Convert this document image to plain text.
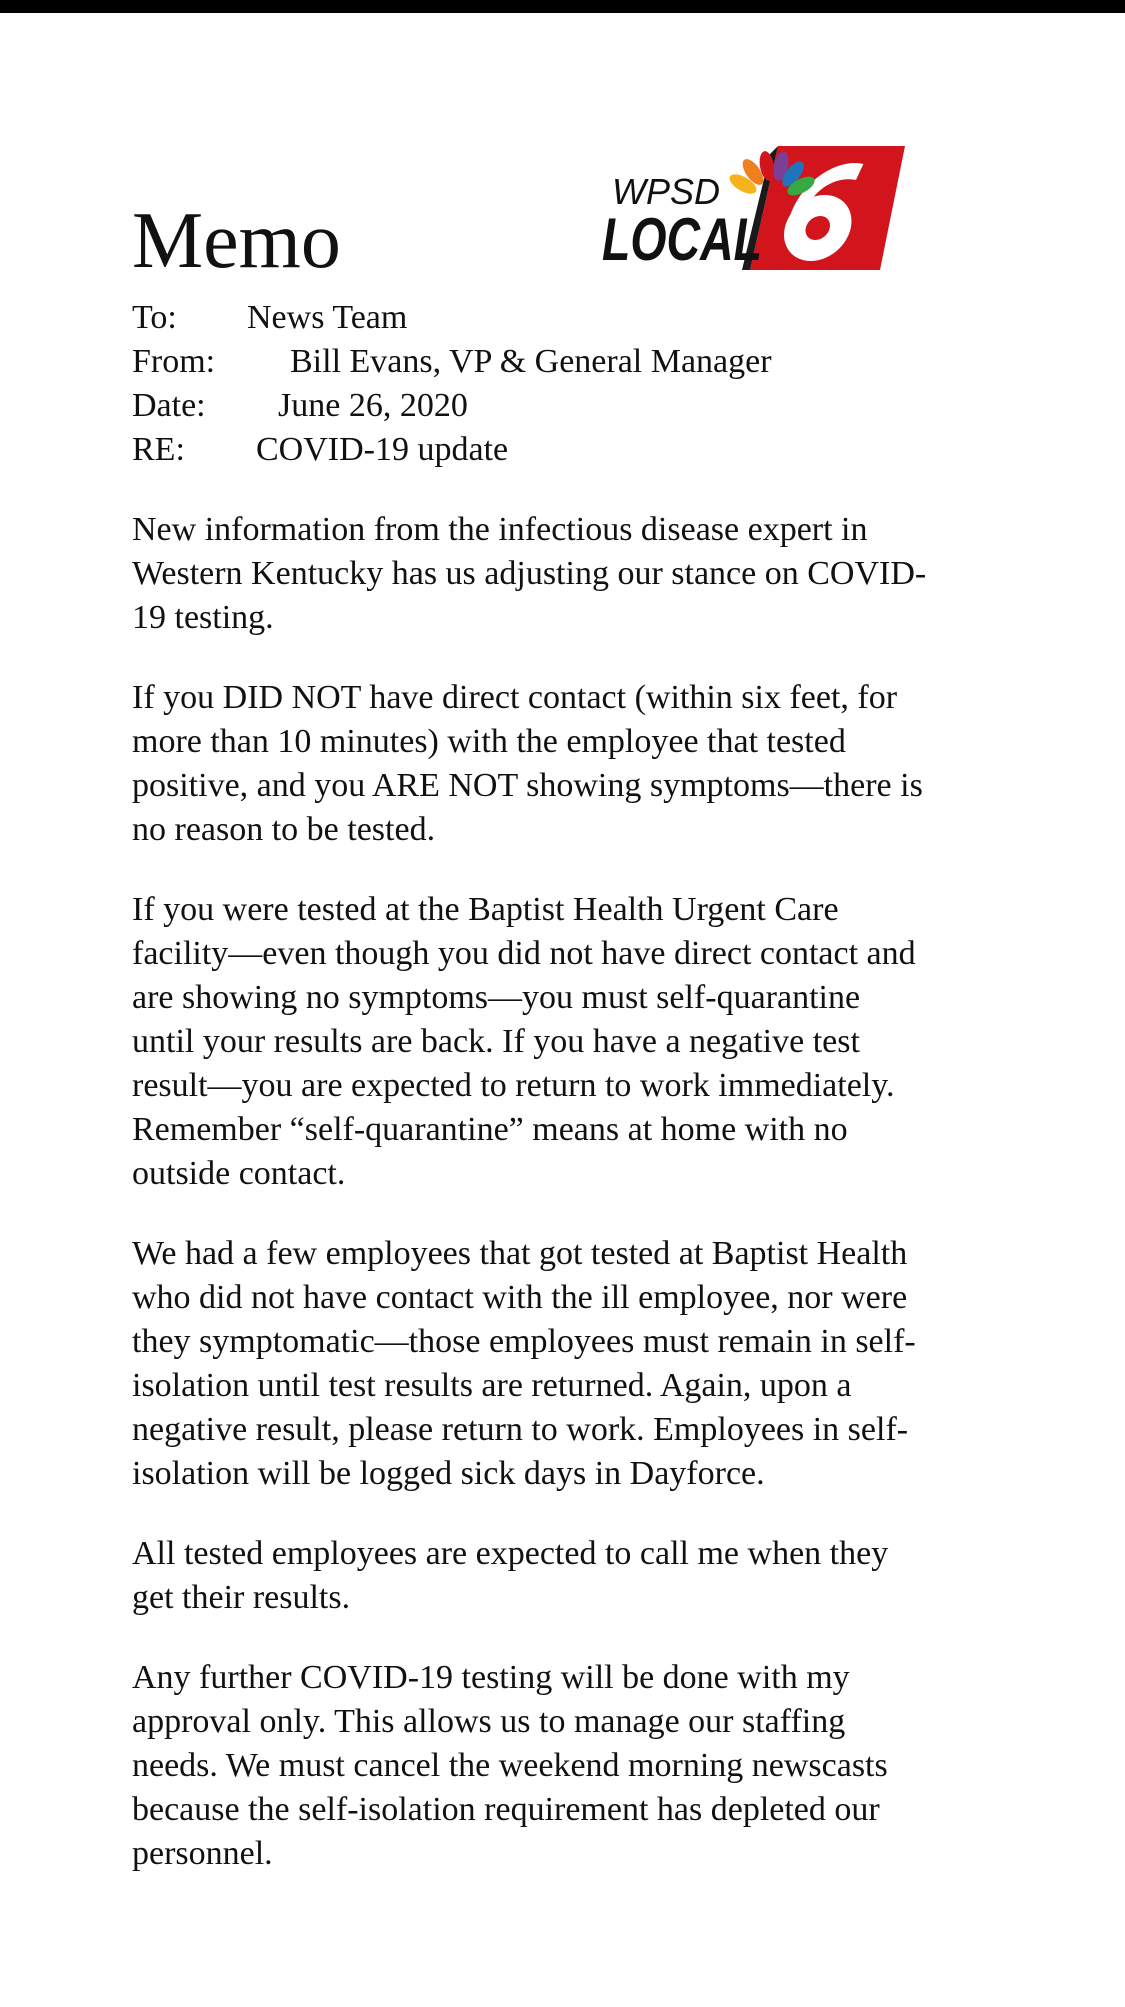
Memo
WPSD
LOCAL
To: News Team
From: Bill Evans, VP & General Manager
Date: June 26, 2020
RE: COVID-19 update

New information from the infectious disease expert in
Western Kentucky has us adjusting our stance on COVID-
19 testing.

If you DID NOT have direct contact (within six feet, for
more than 10 minutes) with the employee that tested
positive, and you ARE NOT showing symptoms—there is
no reason to be tested.

If you were tested at the Baptist Health Urgent Care
facility—even though you did not have direct contact and
are showing no symptoms—you must self-quarantine
until your results are back. If you have a negative test
result—you are expected to return to work immediately.
Remember “self-quarantine” means at home with no
outside contact.

We had a few employees that got tested at Baptist Health
who did not have contact with the ill employee, nor were
they symptomatic—those employees must remain in self-
isolation until test results are returned. Again, upon a
negative result, please return to work. Employees in self-
isolation will be logged sick days in Dayforce.

All tested employees are expected to call me when they
get their results.

Any further COVID-19 testing will be done with my
approval only. This allows us to manage our staffing
needs. We must cancel the weekend morning newscasts
because the self-isolation requirement has depleted our
personnel.
